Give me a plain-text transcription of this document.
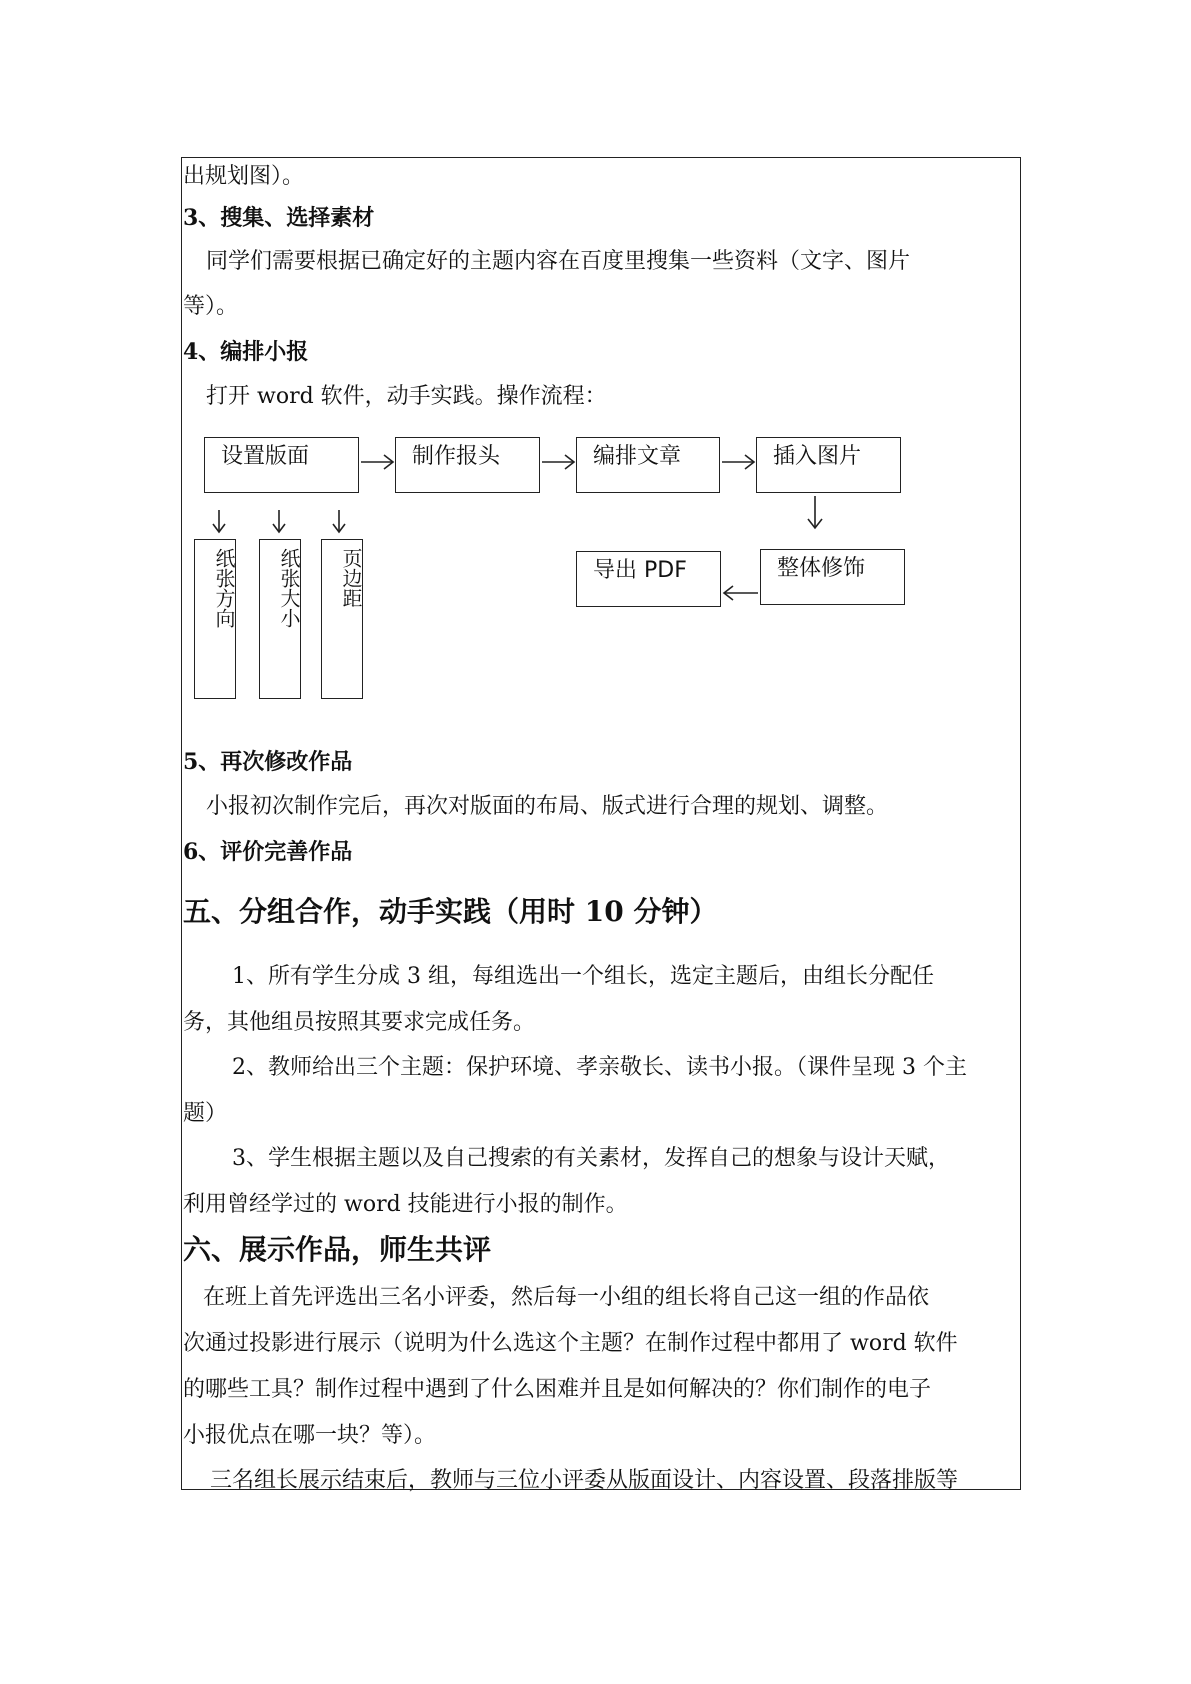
出规划图）。
3、搜集、选择素材
同学们需要根据已确定好的主题内容在百度里搜集一些资料（文字、图片
等）。
4、编排小报
打开 word 软件，动手实践。操作流程：
设置版面	制作报头	编排文章	插入图片
整体修饰
导出 PDF
纸张方向	纸张大小	页边距
5、再次修改作品
小报初次制作完后，再次对版面的布局、版式进行合理的规划、调整。
6、评价完善作品
五、分组合作，动手实践（用时 10 分钟）
1、所有学生分成 3 组，每组选出一个组长，选定主题后，由组长分配任
务，其他组员按照其要求完成任务。
2、教师给出三个主题：保护环境、孝亲敬长、读书小报。（课件呈现 3 个主
题）
3、学生根据主题以及自己搜索的有关素材，发挥自己的想象与设计天赋，
利用曾经学过的 word 技能进行小报的制作。
六、展示作品，师生共评
在班上首先评选出三名小评委，然后每一小组的组长将自己这一组的作品依
次通过投影进行展示（说明为什么选这个主题？在制作过程中都用了 word 软件
的哪些工具？制作过程中遇到了什么困难并且是如何解决的？你们制作的电子
小报优点在哪一块？等）。
三名组长展示结束后，教师与三位小评委从版面设计、内容设置、段落排版等
